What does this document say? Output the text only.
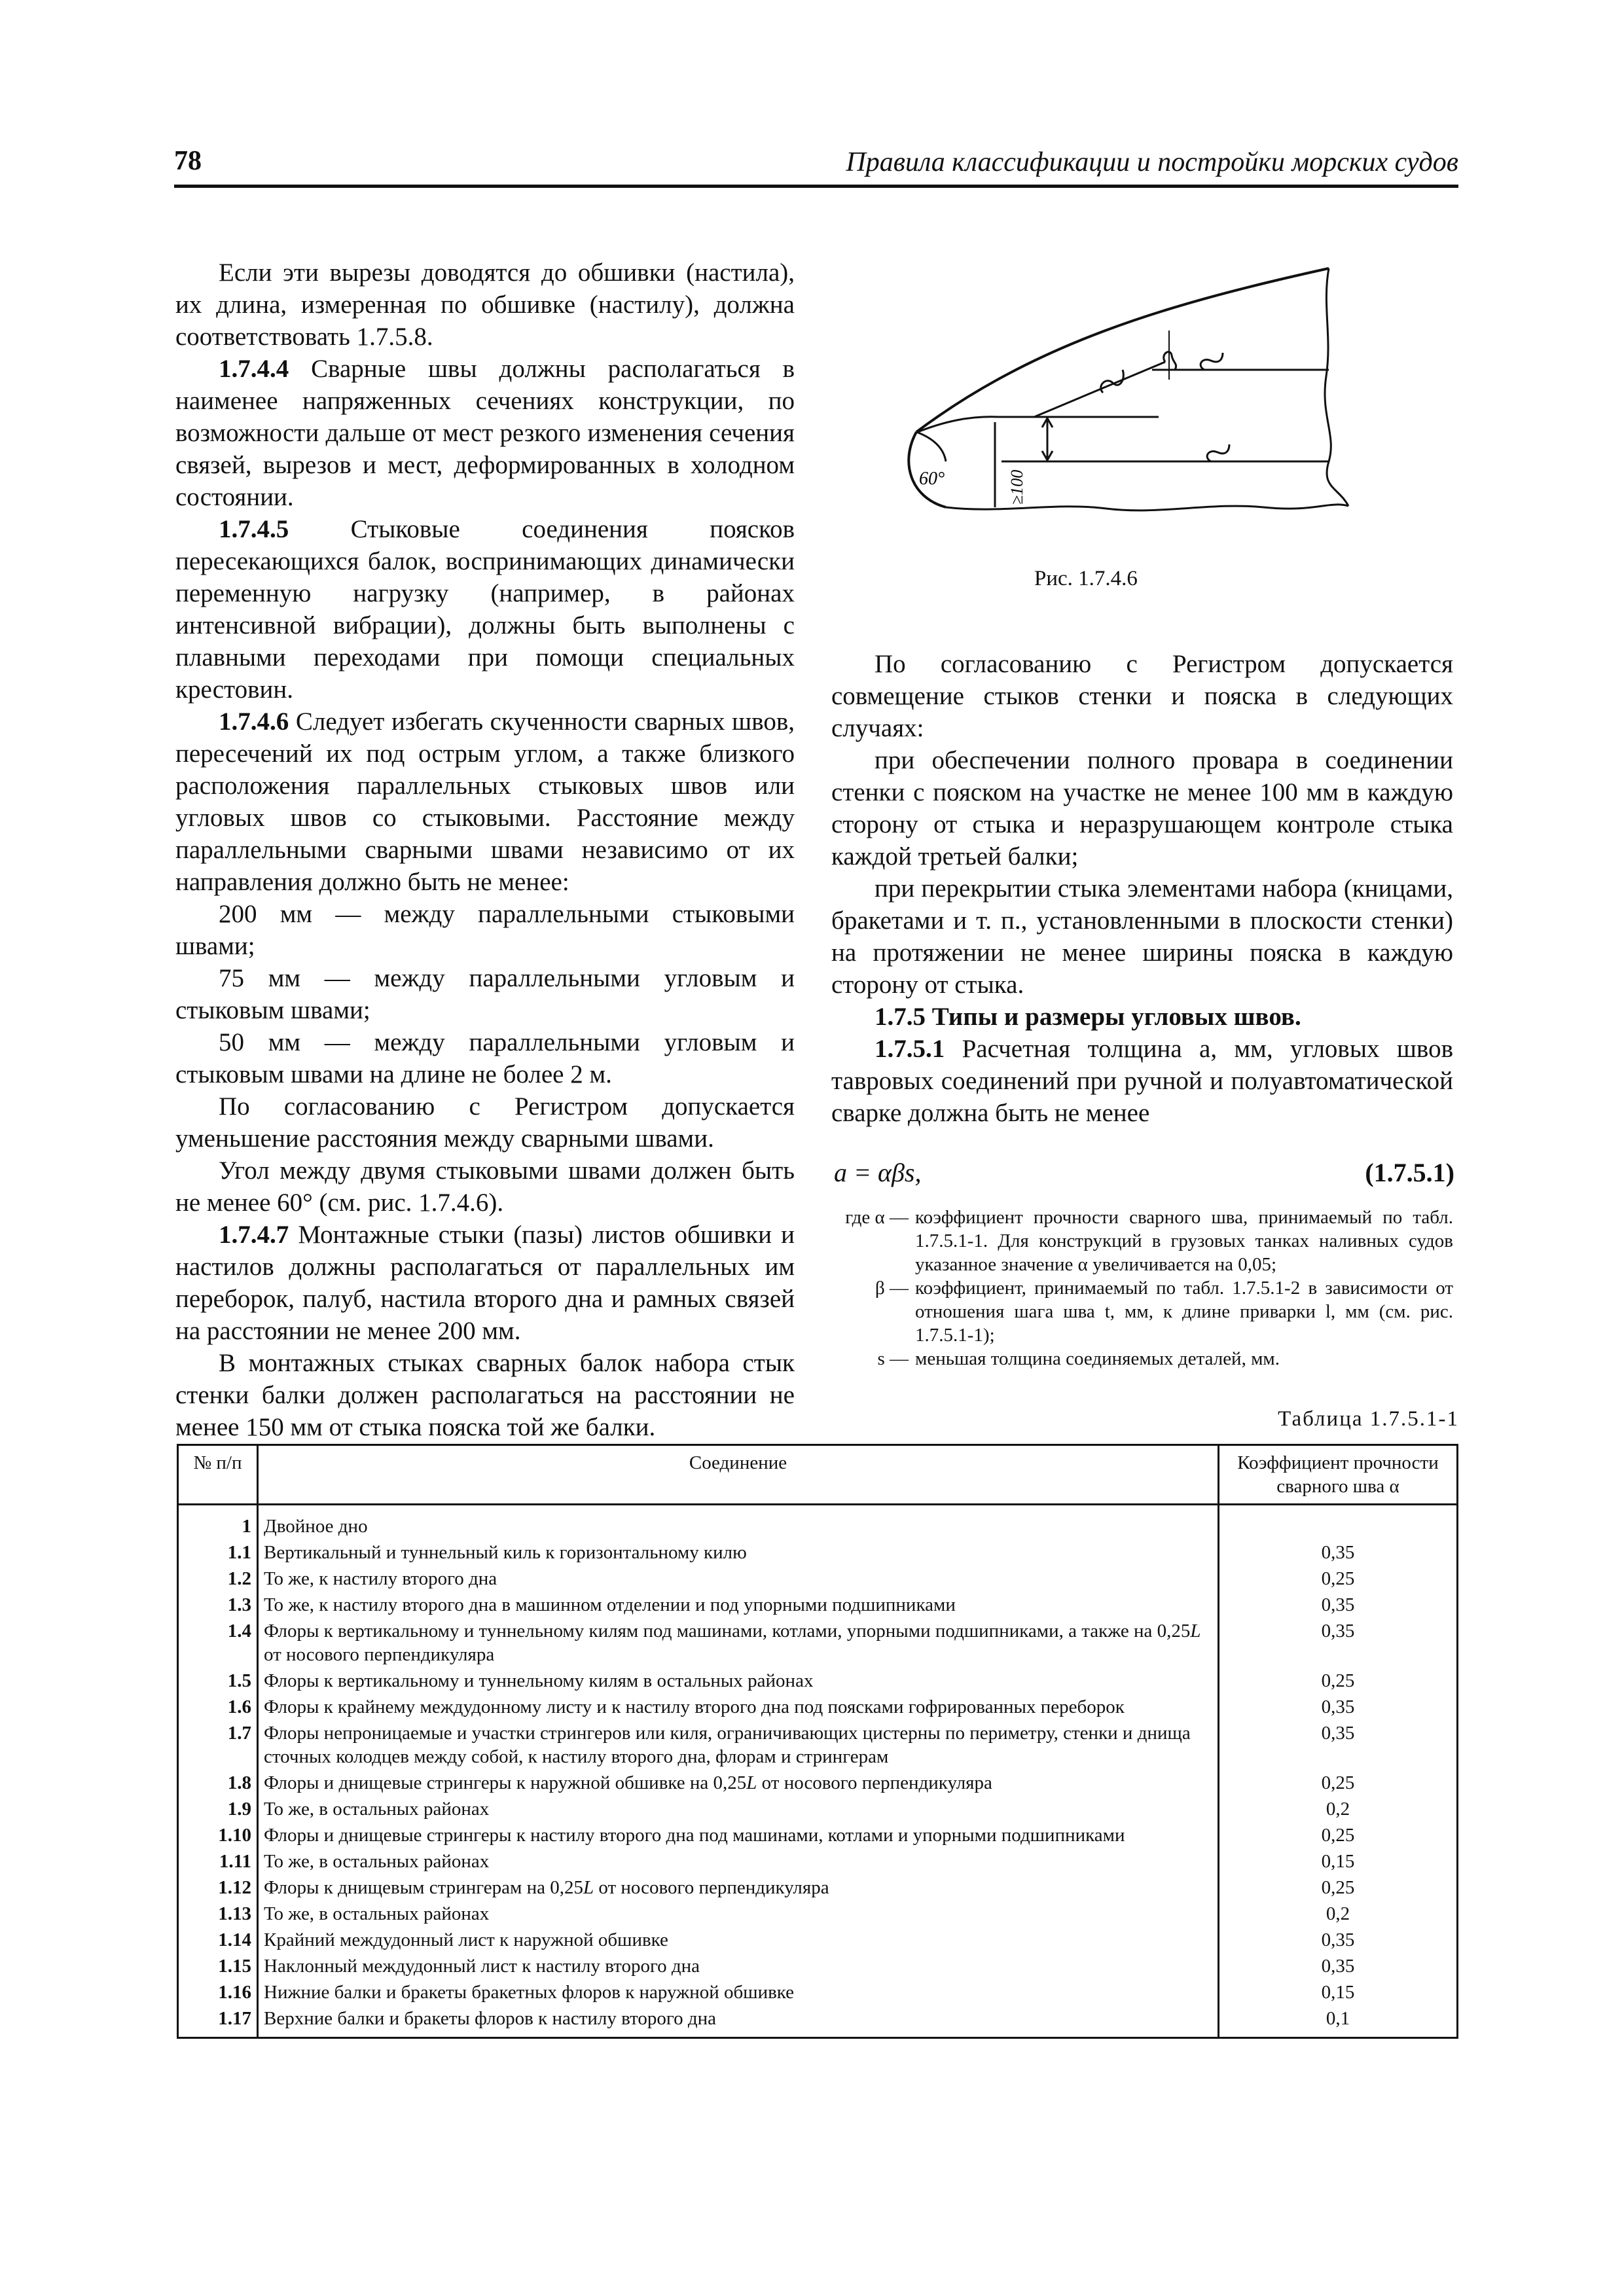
78	Правила классификации и постройки морских судов

Если эти вырезы доводятся до обшивки (настила), их длина, измеренная по обшивке (настилу), должна соответствовать 1.7.5.8.

1.7.4.4 Сварные швы должны располагаться в наименее напряженных сечениях конструкции, по возможности дальше от мест резкого изменения сечения связей, вырезов и мест, деформированных в холодном состоянии.

1.7.4.5 Стыковые соединения поясков пересекающихся балок, воспринимающих динамически переменную нагрузку (например, в районах интенсивной вибрации), должны быть выполнены с плавными переходами при помощи специальных крестовин.

1.7.4.6 Следует избегать скученности сварных швов, пересечений их под острым углом, а также близкого расположения параллельных стыковых швов или угловых швов со стыковыми. Расстояние между параллельными сварными швами независимо от их направления должно быть не менее:

200 мм — между параллельными стыковыми швами;

75 мм — между параллельными угловым и стыковым швами;

50 мм — между параллельными угловым и стыковым швами на длине не более 2 м.

По согласованию с Регистром допускается уменьшение расстояния между сварными швами.

Угол между двумя стыковыми швами должен быть не менее 60° (см. рис. 1.7.4.6).

1.7.4.7 Монтажные стыки (пазы) листов обшивки и настилов должны располагаться от параллельных им переборок, палуб, настила второго дна и рамных связей на расстоянии не менее 200 мм.

В монтажных стыках сварных балок набора стык стенки балки должен располагаться на расстоянии не менее 150 мм от стыка пояска той же балки.

60°	≥100
Рис. 1.7.4.6

По согласованию с Регистром допускается совмещение стыков стенки и пояска в следующих случаях:

при обеспечении полного провара в соединении стенки с пояском на участке не менее 100 мм в каждую сторону от стыка и неразрушающем контроле стыка каждой третьей балки;

при перекрытии стыка элементами набора (кницами, бракетами и т. п., установленными в плоскости стенки) на протяжении не менее ширины пояска в каждую сторону от стыка.

1.7.5 Типы и размеры угловых швов.

1.7.5.1 Расчетная толщина a, мм, угловых швов тавровых соединений при ручной и полуавтоматической сварке должна быть не менее

a = αβs,	(1.7.5.1)
где α — коэффициент прочности сварного шва, принимаемый по табл. 1.7.5.1-1. Для конструкций в грузовых танках наливных судов указанное значение α увеличивается на 0,05;
β — коэффициент, принимаемый по табл. 1.7.5.1-2 в зависимости от отношения шага шва t, мм, к длине приварки l, мм (см. рис. 1.7.5.1-1);
s — меньшая толщина соединяемых деталей, мм.
Таблица 1.7.5.1-1
№ п/п	Соединение	Коэффициент прочности сварного шва α
1	Двойное дно	
1.1	Вертикальный и туннельный киль к горизонтальному килю	0,35
1.2	То же, к настилу второго дна	0,25
1.3	То же, к настилу второго дна в машинном отделении и под упорными подшипниками	0,35
1.4	Флоры к вертикальному и туннельному килям под машинами, котлами, упорными подшипниками, а также на 0,25L от носового перпендикуляра	0,35
1.5	Флоры к вертикальному и туннельному килям в остальных районах	0,25
1.6	Флоры к крайнему междудонному листу и к настилу второго дна под поясками гофрированных переборок	0,35
1.7	Флоры непроницаемые и участки стрингеров или киля, ограничивающих цистерны по периметру, стенки и днища сточных колодцев между собой, к настилу второго дна, флорам и стрингерам	0,35
1.8	Флоры и днищевые стрингеры к наружной обшивке на 0,25L от носового перпендикуляра	0,25
1.9	То же, в остальных районах	0,2
1.10	Флоры и днищевые стрингеры к настилу второго дна под машинами, котлами и упорными подшипниками	0,25
1.11	То же, в остальных районах	0,15
1.12	Флоры к днищевым стрингерам на 0,25L от носового перпендикуляра	0,25
1.13	То же, в остальных районах	0,2
1.14	Крайний междудонный лист к наружной обшивке	0,35
1.15	Наклонный междудонный лист к настилу второго дна	0,35
1.16	Нижние балки и бракеты бракетных флоров к наружной обшивке	0,15
1.17	Верхние балки и бракеты флоров к настилу второго дна	0,1
